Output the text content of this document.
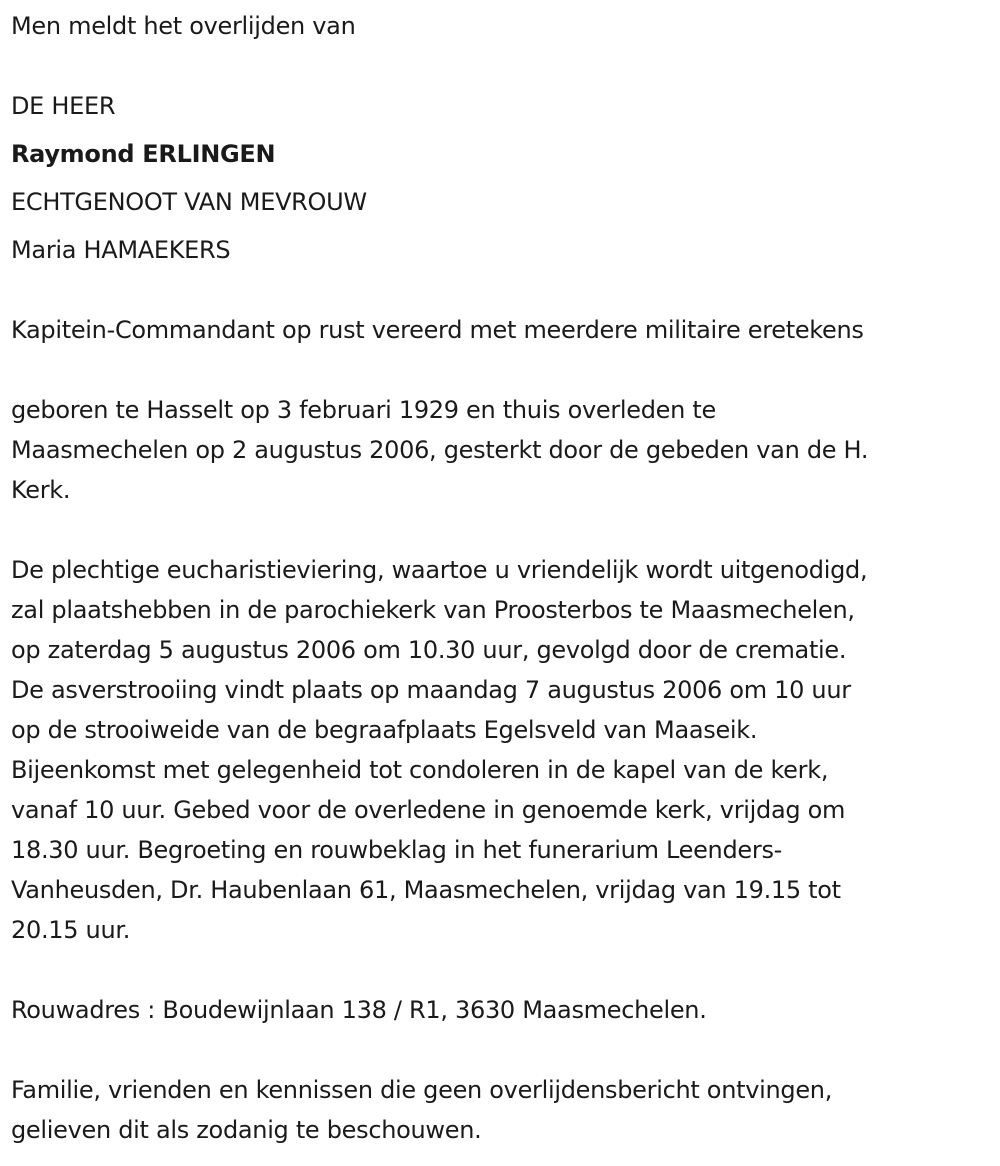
Men meldt het overlijden van
DE HEER
Raymond ERLINGEN
ECHTGENOOT VAN MEVROUW
Maria HAMAEKERS
Kapitein-Commandant op rust vereerd met meerdere militaire eretekens
geboren te Hasselt op 3 februari 1929 en thuis overleden te
Maasmechelen op 2 augustus 2006, gesterkt door de gebeden van de H.
Kerk.
De plechtige eucharistieviering, waartoe u vriendelijk wordt uitgenodigd,
zal plaatshebben in de parochiekerk van Proosterbos te Maasmechelen,
op zaterdag 5 augustus 2006 om 10.30 uur, gevolgd door de crematie.
De asverstrooiing vindt plaats op maandag 7 augustus 2006 om 10 uur
op de strooiweide van de begraafplaats Egelsveld van Maaseik.
Bijeenkomst met gelegenheid tot condoleren in de kapel van de kerk,
vanaf 10 uur. Gebed voor de overledene in genoemde kerk, vrijdag om
18.30 uur. Begroeting en rouwbeklag in het funerarium Leenders-
Vanheusden, Dr. Haubenlaan 61, Maasmechelen, vrijdag van 19.15 tot
20.15 uur.
Rouwadres : Boudewijnlaan 138 / R1, 3630 Maasmechelen.
Familie, vrienden en kennissen die geen overlijdensbericht ontvingen,
gelieven dit als zodanig te beschouwen.
